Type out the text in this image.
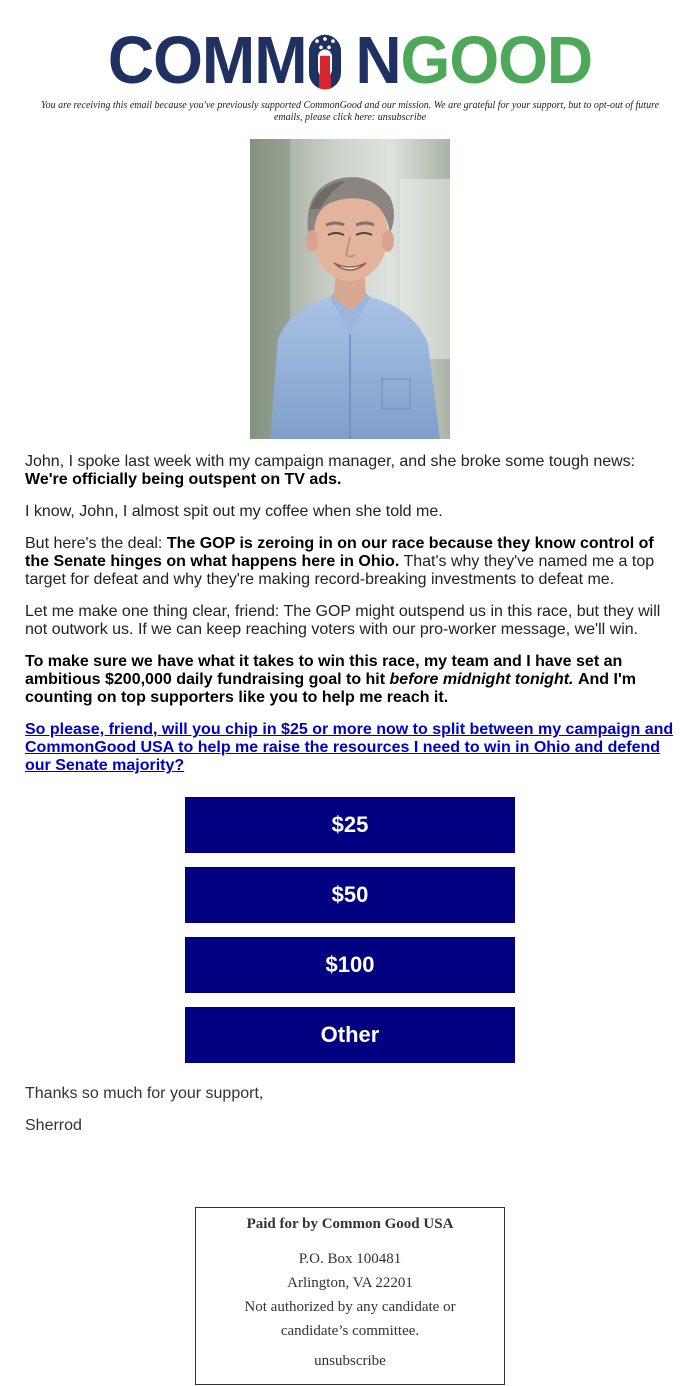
COMM NGOOD
You are receiving this email because you've previously supported CommonGood and our mission. We are grateful for your support, but to opt-out of future emails, please click here: unsubscribe

John, I spoke last week with my campaign manager, and she broke some tough news:
We're officially being outspent on TV ads.

I know, John, I almost spit out my coffee when she told me.

But here's the deal: The GOP is zeroing in on our race because they know control of the Senate hinges on what happens here in Ohio. That's why they've named me a top target for defeat and why they're making record-breaking investments to defeat me.

Let me make one thing clear, friend: The GOP might outspend us in this race, but they will not outwork us. If we can keep reaching voters with our pro-worker message, we'll win.

To make sure we have what it takes to win this race, my team and I have set an ambitious $200,000 daily fundraising goal to hit before midnight tonight. And I'm counting on top supporters like you to help me reach it.

So please, friend, will you chip in $25 or more now to split between my campaign and CommonGood USA to help me raise the resources I need to win in Ohio and defend our Senate majority?

$25
$50
$100
Other
Thanks so much for your support,
Sherrod
Paid for by Common Good USA
P.O. Box 100481
Arlington, VA 22201
Not authorized by any candidate or
candidate’s committee.
unsubscribe
